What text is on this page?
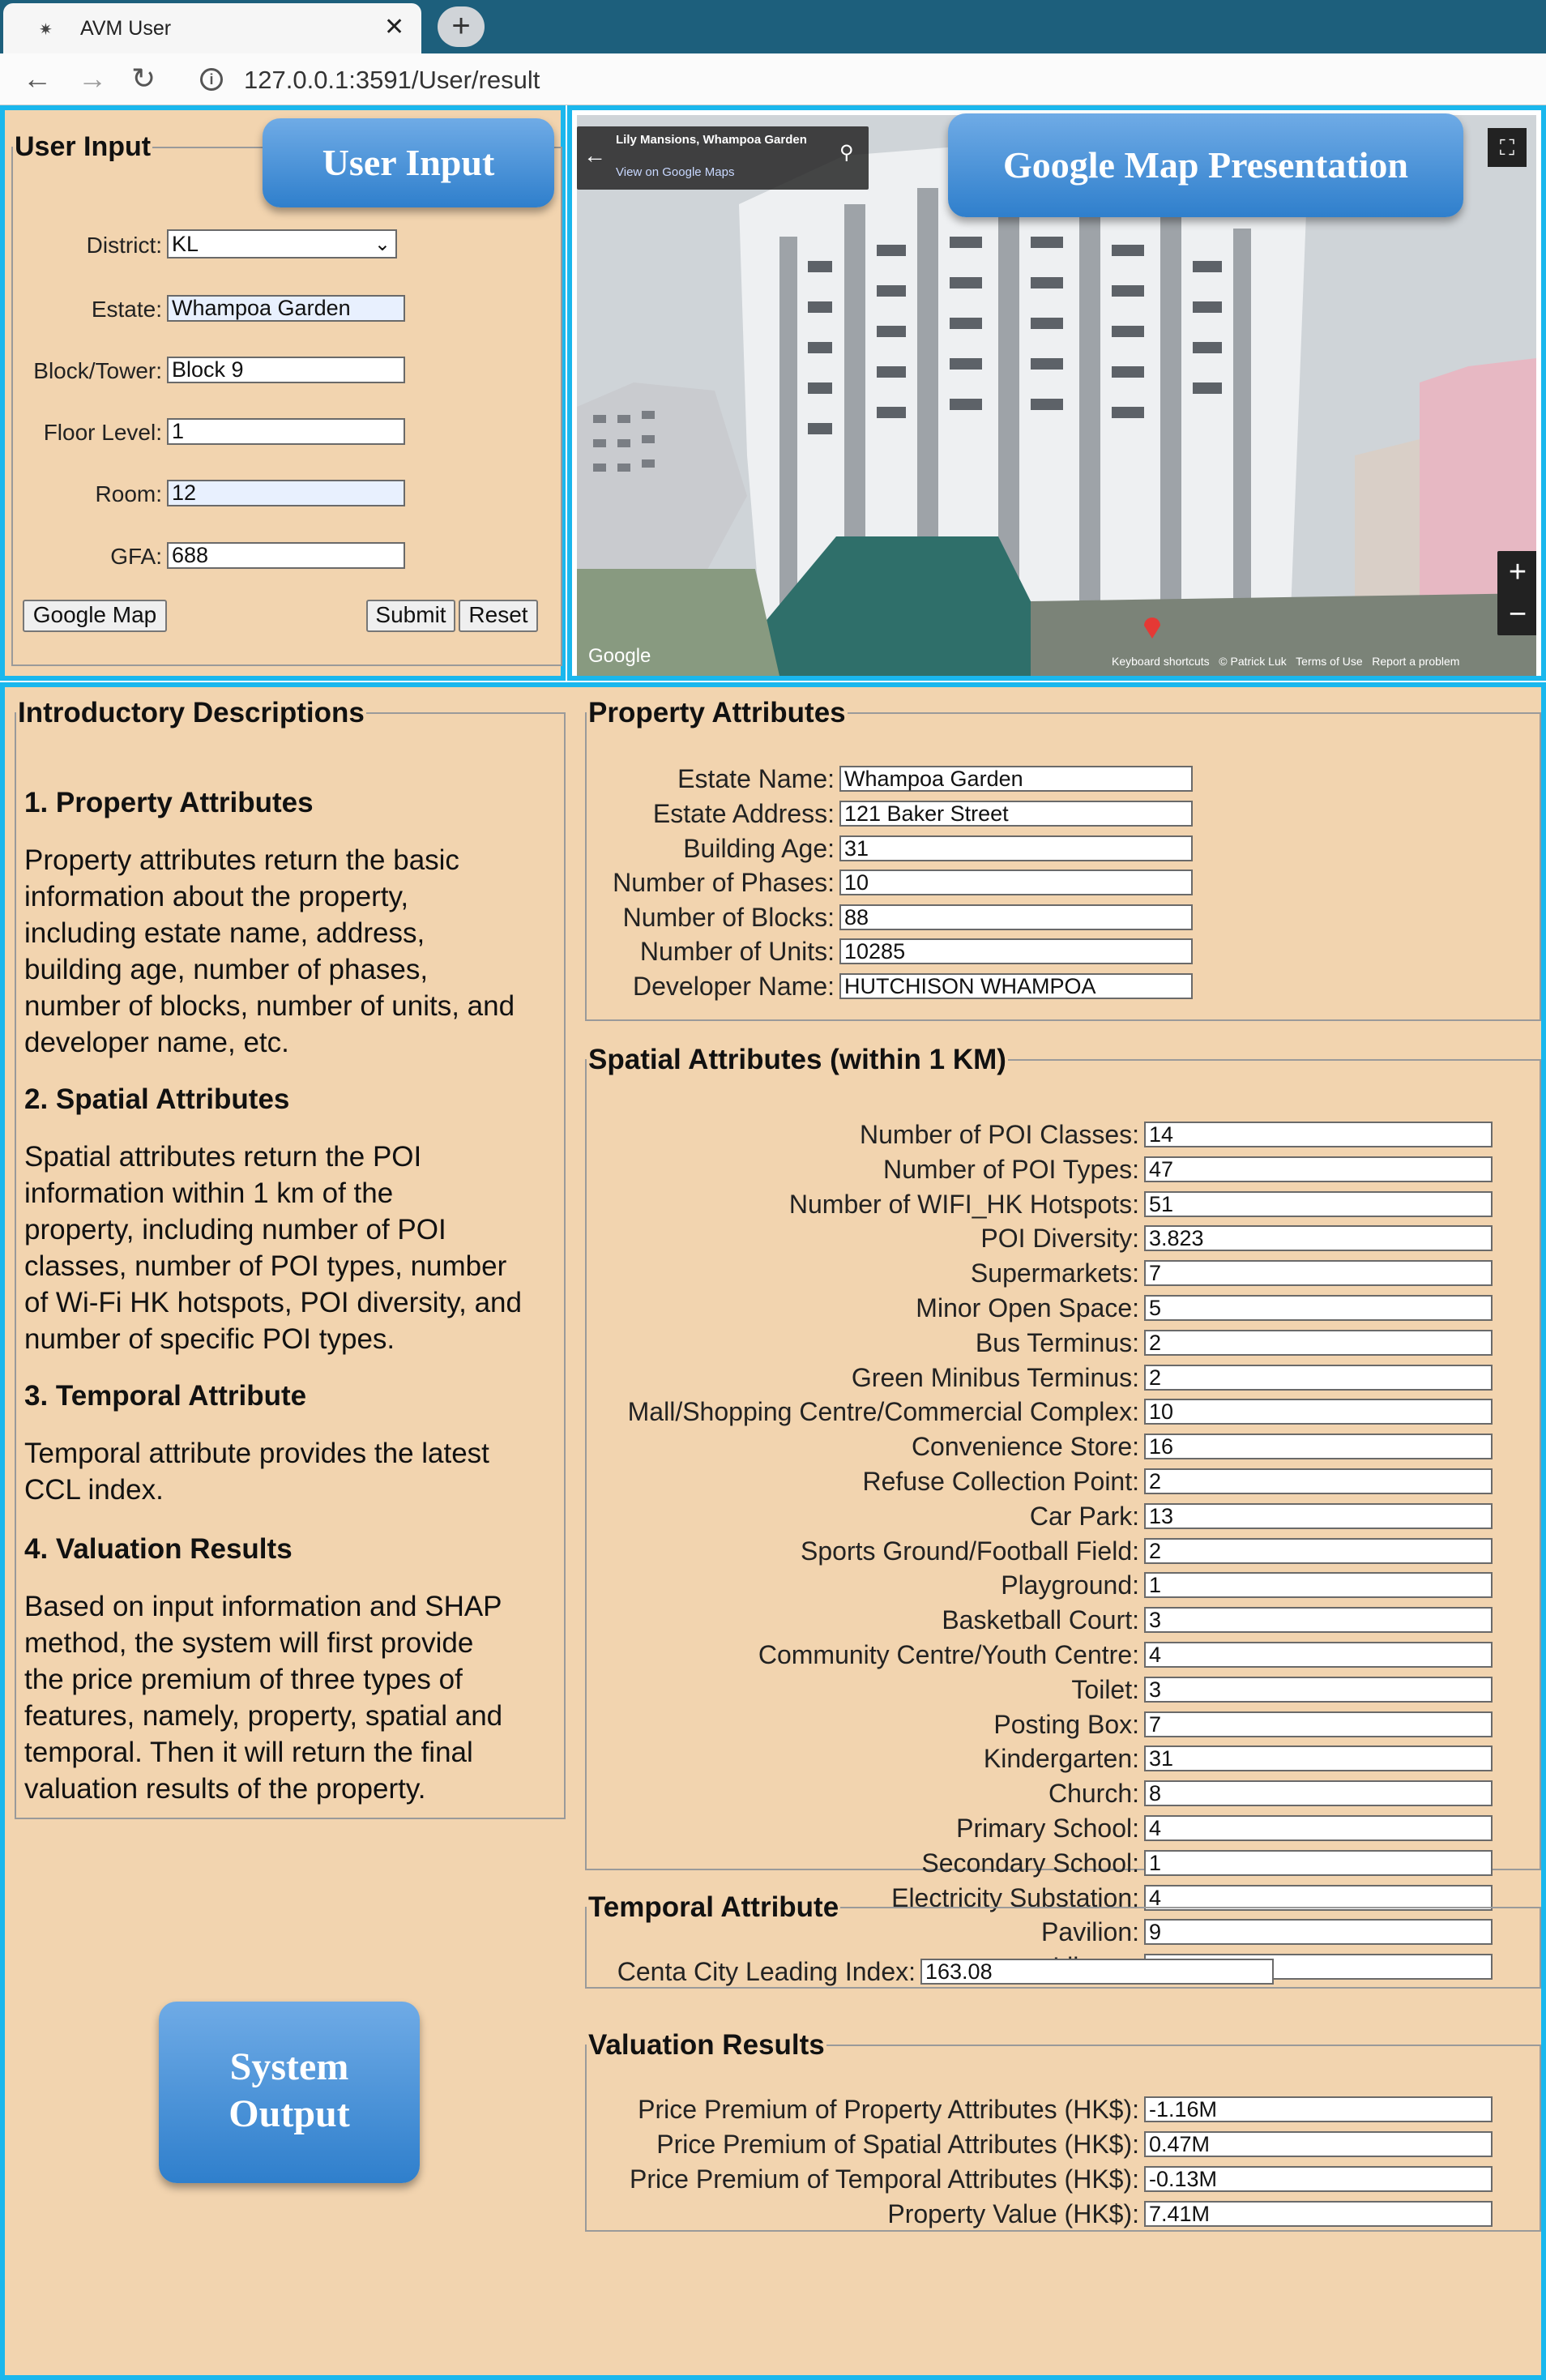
✷ AVM User	✕	+
← → ↻	i	127.0.0.1:3591/User/result
User Input	User Input
District: KL	⌄
Estate: Whampoa Garden
Block/Tower: Block 9
Floor Level: 1
Room: 12
GFA: 688
Google Map	Submit Reset
←
Lily Mansions, Whampoa Garden
View on Google Maps
⚲	⛶
+
−
Google	Keyboard shortcuts   © Patrick Luk   Terms of Use   Report a problem
Google Map Presentation
Introductory Descriptions
1. Property Attributes
Property attributes return the basic
information about the property,
including estate name, address,
building age, number of phases,
number of blocks, number of units, and
developer name, etc.
2. Spatial Attributes
Spatial attributes return the POI
information within 1 km of the
property, including number of POI
classes, number of POI types, number
of Wi-Fi HK hotspots, POI diversity, and
number of specific POI types.
3. Temporal Attribute
Temporal attribute provides the latest
CCL index.
4. Valuation Results
Based on input information and SHAP
method, the system will first provide
the price premium of three types of
features, namely, property, spatial and
temporal. Then it will return the final
valuation results of the property.
System
Output
Property Attributes
Estate Name: Whampoa Garden
Estate Address: 121 Baker Street
Building Age: 31
Number of Phases: 10
Number of Blocks: 88
Number of Units: 10285
Developer Name: HUTCHISON WHAMPOA
Spatial Attributes (within 1 KM)
Number of POI Classes: 14
Number of POI Types: 47
Number of WIFI_HK Hotspots: 51
POI Diversity: 3.823
Supermarkets: 7
Minor Open Space: 5
Bus Terminus: 2
Green Minibus Terminus: 2
Mall/Shopping Centre/Commercial Complex: 10
Convenience Store: 16
Refuse Collection Point: 2
Car Park: 13
Sports Ground/Football Field: 2
Playground: 1
Basketball Court: 3
Community Centre/Youth Centre: 4
Toilet: 3
Posting Box: 7
Kindergarten: 31
Church: 8
Primary School: 4
Secondary School: 1
Electricity Substation: 4
Pavilion: 9
Temporal Attribute
Centa City Leading Index: 163.08
Valuation Results
Price Premium of Property Attributes (HK$): -1.16M
Price Premium of Spatial Attributes (HK$): 0.47M
Price Premium of Temporal Attributes (HK$): -0.13M
Property Value (HK$): 7.41M
